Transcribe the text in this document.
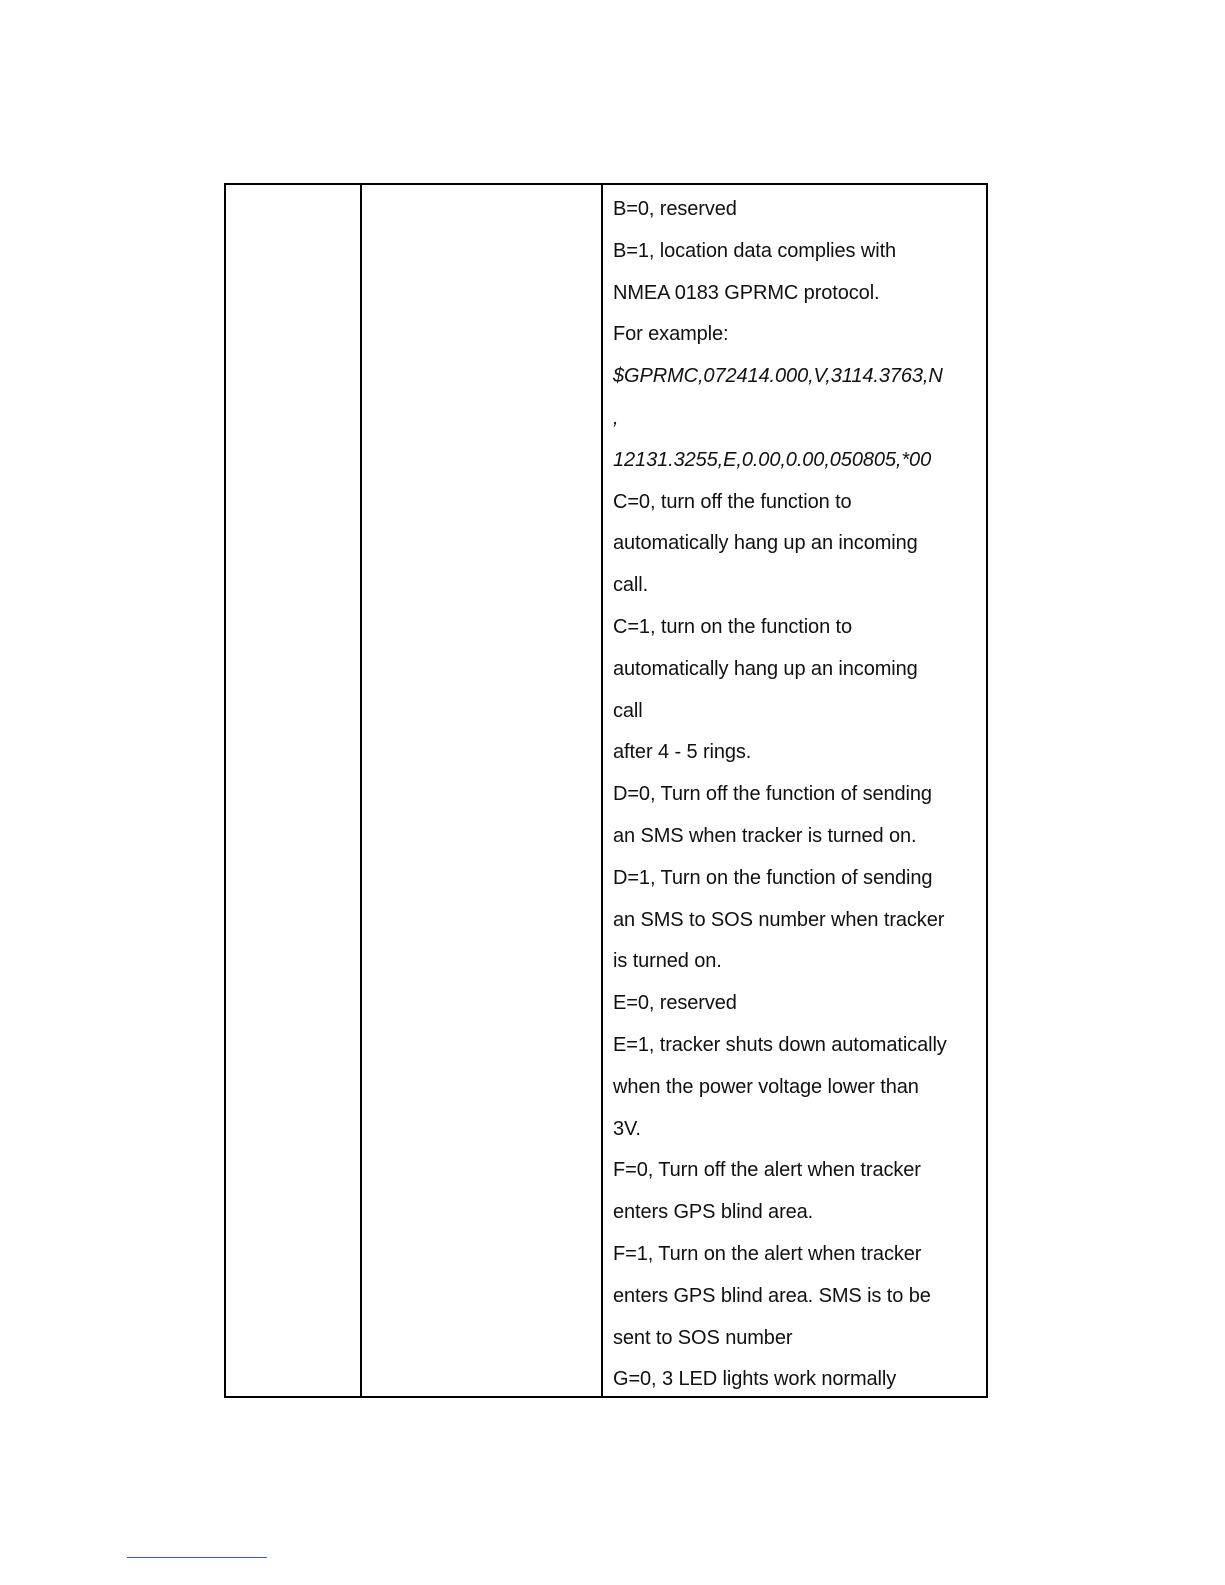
B=0, reserved
B=1, location data complies with
NMEA 0183 GPRMC protocol.
For example:
$GPRMC,072414.000,V,3114.3763,N
,
12131.3255,E,0.00,0.00,050805,*00
C=0, turn off the function to
automatically hang up an incoming
call.
C=1, turn on the function to
automatically hang up an incoming
call
after 4 - 5 rings.
D=0, Turn off the function of sending
an SMS when tracker is turned on.
D=1, Turn on the function of sending
an SMS to SOS number when tracker
is turned on.
E=0, reserved
E=1, tracker shuts down automatically
when the power voltage lower than
3V.
F=0, Turn off the alert when tracker
enters GPS blind area.
F=1, Turn on the alert when tracker
enters GPS blind area. SMS is to be
sent to SOS number
G=0, 3 LED lights work normally
